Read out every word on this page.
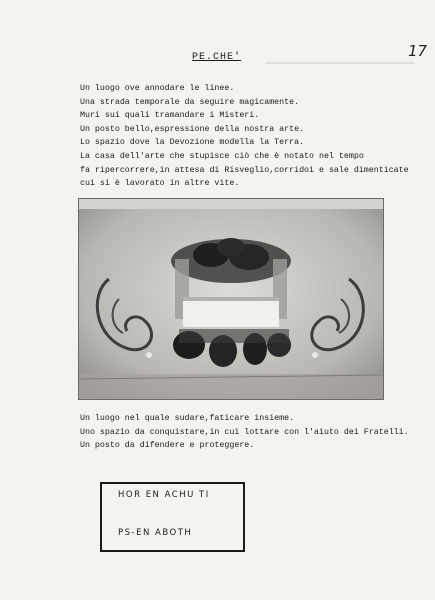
17
PE.CHE'
Un luogo ove annodare le linee.
Una strada temporale da seguire magicamente.
Muri sui quali tramandare i Misteri.
Un posto bello,espressione della nostra arte.
Lo spazio dove la Devozione modella la Terra.
La casa dell'arte che stupisce ciò che è notato nel tempo
fa ripercorrere,in attesa di Risveglio,corridoi e sale dimenticate
cui si è lavorato in altre vite.
Un luogo nel quale sudare,faticare insieme.
Uno spazio da conquistare,in cui lottare con l'aiuto dei Fratelli.
Un posto da difendere e proteggere.
HOR EN ACHU TI
PS-EN ABOTH
